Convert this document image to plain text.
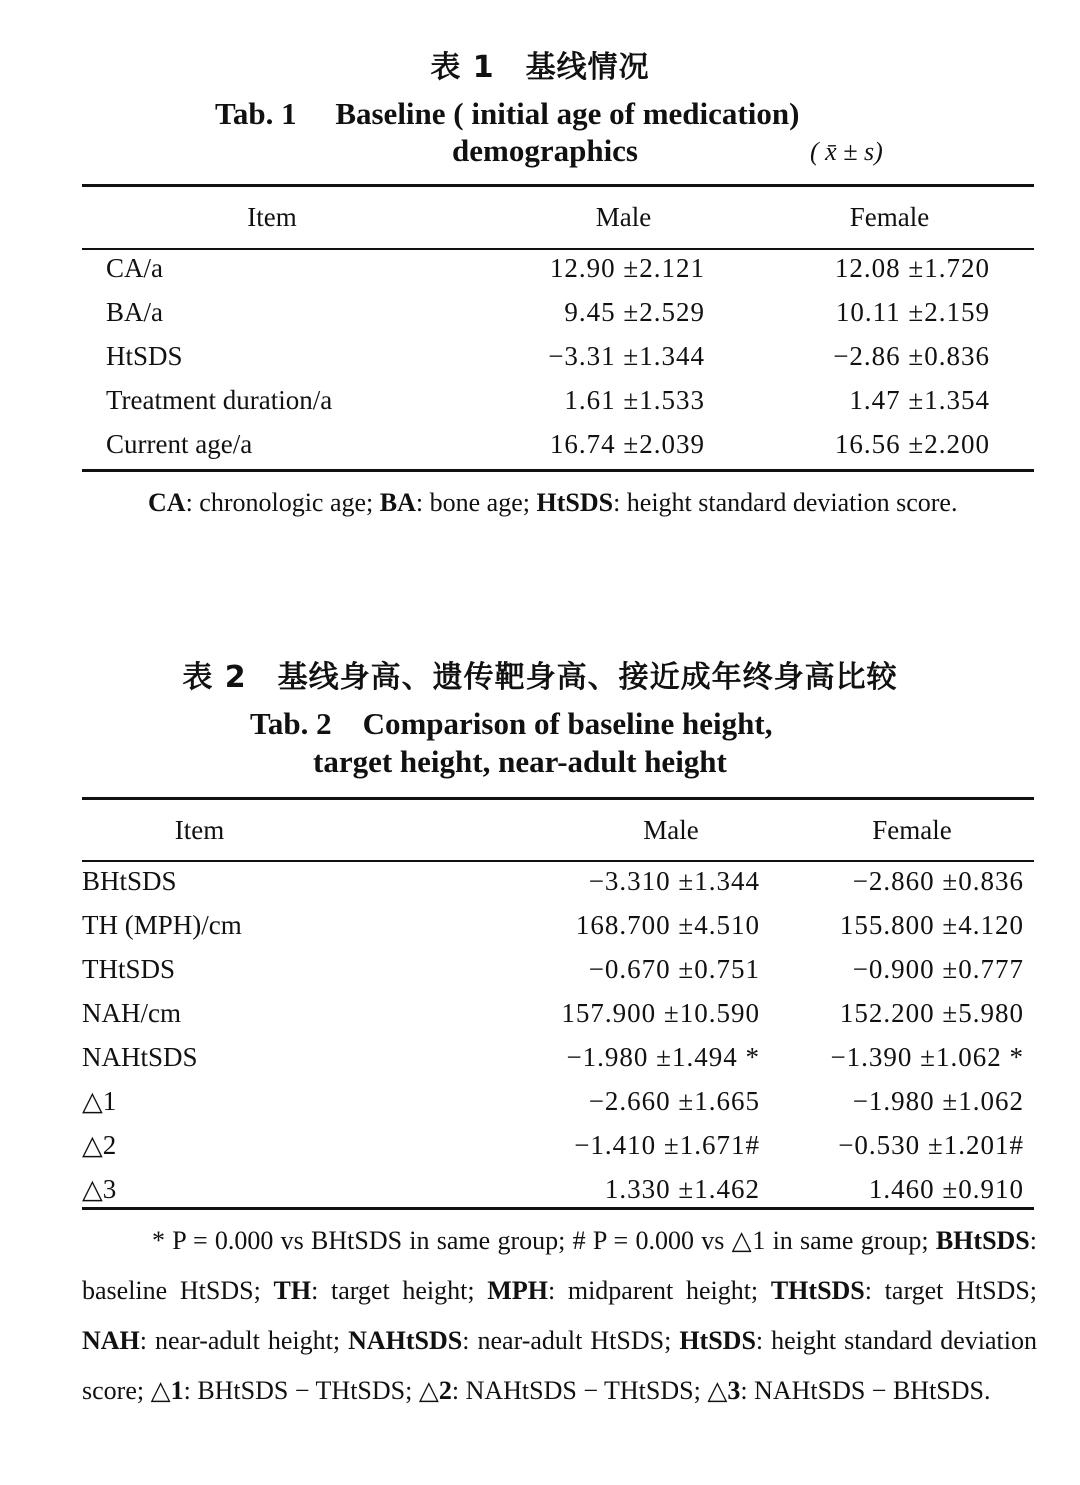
表 1　基线情况
Tab. 1　 Baseline ( initial age of medication)
demographics	( x̄ ± s)
Item	Male	Female
CA/a	12.90 ±2.121	12.08 ±1.720
BA/a	9.45 ±2.529	10.11 ±2.159
HtSDS	−3.31 ±1.344	−2.86 ±0.836
Treatment duration/a	1.61 ±1.533	1.47 ±1.354
Current age/a	16.74 ±2.039	16.56 ±2.200
CA: chronologic age; BA: bone age; HtSDS: height standard deviation score.
表 2　基线身高、遗传靶身高、接近成年终身高比较
Tab. 2　Comparison of baseline height,
target height, near-adult height
Item	Male	Female
BHtSDS	−3.310 ±1.344	−2.860 ±0.836
TH (MPH)/cm	168.700 ±4.510	155.800 ±4.120
THtSDS	−0.670 ±0.751	−0.900 ±0.777
NAH/cm	157.900 ±10.590	152.200 ±5.980
NAHtSDS	−1.980 ±1.494 *	−1.390 ±1.062 *
△1	−2.660 ±1.665	−1.980 ±1.062
△2	−1.410 ±1.671#	−0.530 ±1.201#
△3	1.330 ±1.462	1.460 ±0.910
* P = 0.000 vs BHtSDS in same group; # P = 0.000 vs △1 in same group; BHtSDS: baseline HtSDS; TH: target height; MPH: midparent height; THtSDS: target HtSDS; NAH: near-adult height; NAHtSDS: near-adult HtSDS; HtSDS: height standard deviation score; △1: BHtSDS − THtSDS; △2: NAHtSDS − THtSDS; △3: NAHtSDS − BHtSDS.
